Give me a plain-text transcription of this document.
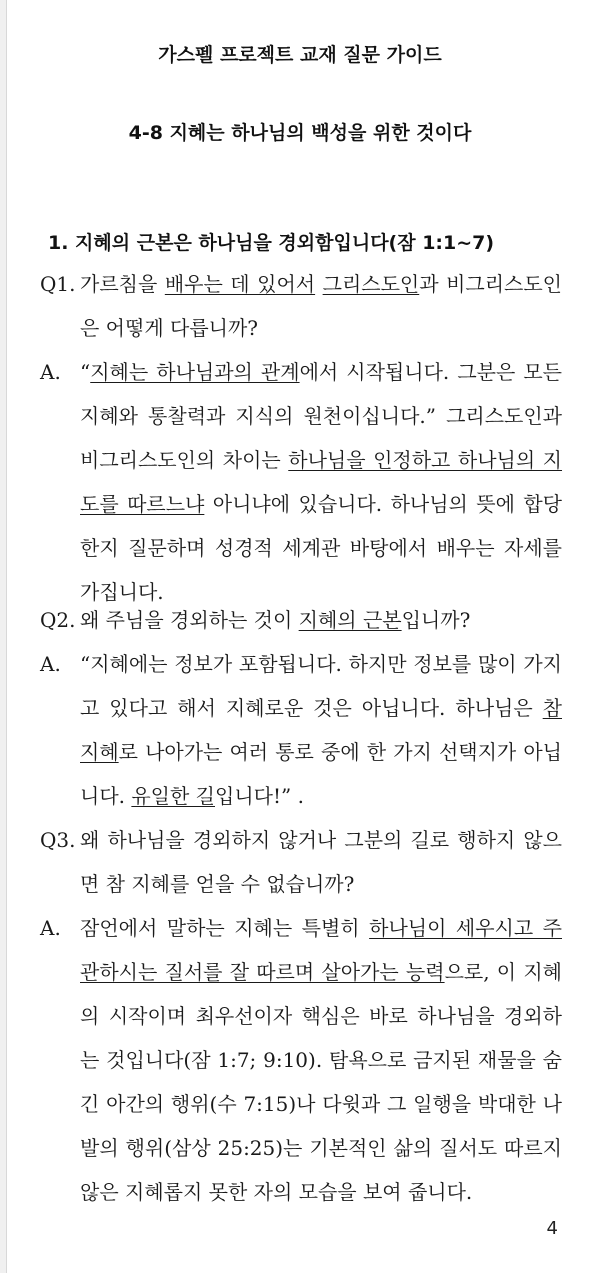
가스펠 프로젝트 교재 질문 가이드
4-8 지혜는 하나님의 백성을 위한 것이다
1. 지혜의 근본은 하나님을 경외함입니다(잠 1:1~7)
Q1. 가르침을 배우는 데 있어서 그리스도인과 비그리스도인은 어떻게 다릅니까?
A. “지혜는 하나님과의 관계에서 시작됩니다. 그분은 모든 지혜와 통찰력과 지식의 원천이십니다.” 그리스도인과 비그리스도인의 차이는 하나님을 인정하고 하나님의 지도를 따르느냐 아니냐에 있습니다. 하나님의 뜻에 합당한지 질문하며 성경적 세계관 바탕에서 배우는 자세를 가집니다.
Q2. 왜 주님을 경외하는 것이 지혜의 근본입니까?
A. “지혜에는 정보가 포함됩니다. 하지만 정보를 많이 가지고 있다고 해서 지혜로운 것은 아닙니다. 하나님은 참 지혜로 나아가는 여러 통로 중에 한 가지 선택지가 아닙니다. 유일한 길입니다!” .
Q3. 왜 하나님을 경외하지 않거나 그분의 길로 행하지 않으면 참 지혜를 얻을 수 없습니까?
A. 잠언에서 말하는 지혜는 특별히 하나님이 세우시고 주관하시는 질서를 잘 따르며 살아가는 능력으로, 이 지혜의 시작이며 최우선이자 핵심은 바로 하나님을 경외하는 것입니다(잠 1:7; 9:10). 탐욕으로 금지된 재물을 숨긴 아간의 행위(수 7:15)나 다윗과 그 일행을 박대한 나발의 행위(삼상 25:25)는 기본적인 삶의 질서도 따르지 않은 지혜롭지 못한 자의 모습을 보여 줍니다.
4
